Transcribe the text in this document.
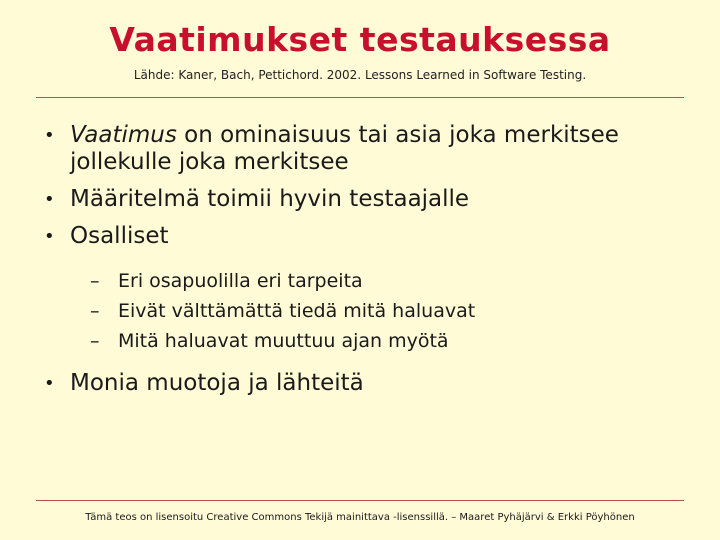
Vaatimukset testauksessa
Lähde: Kaner, Bach, Pettichord. 2002. Lessons Learned in Software Testing.
• Vaatimus on ominaisuus tai asia joka merkitsee jollekulle joka merkitsee
• Määritelmä toimii hyvin testaajalle
• Osalliset
– Eri osapuolilla eri tarpeita
– Eivät välttämättä tiedä mitä haluavat
– Mitä haluavat muuttuu ajan myötä
• Monia muotoja ja lähteitä
Tämä teos on lisensoitu Creative Commons Tekijä mainittava -lisenssillä. – Maaret Pyhäjärvi & Erkki Pöyhönen
